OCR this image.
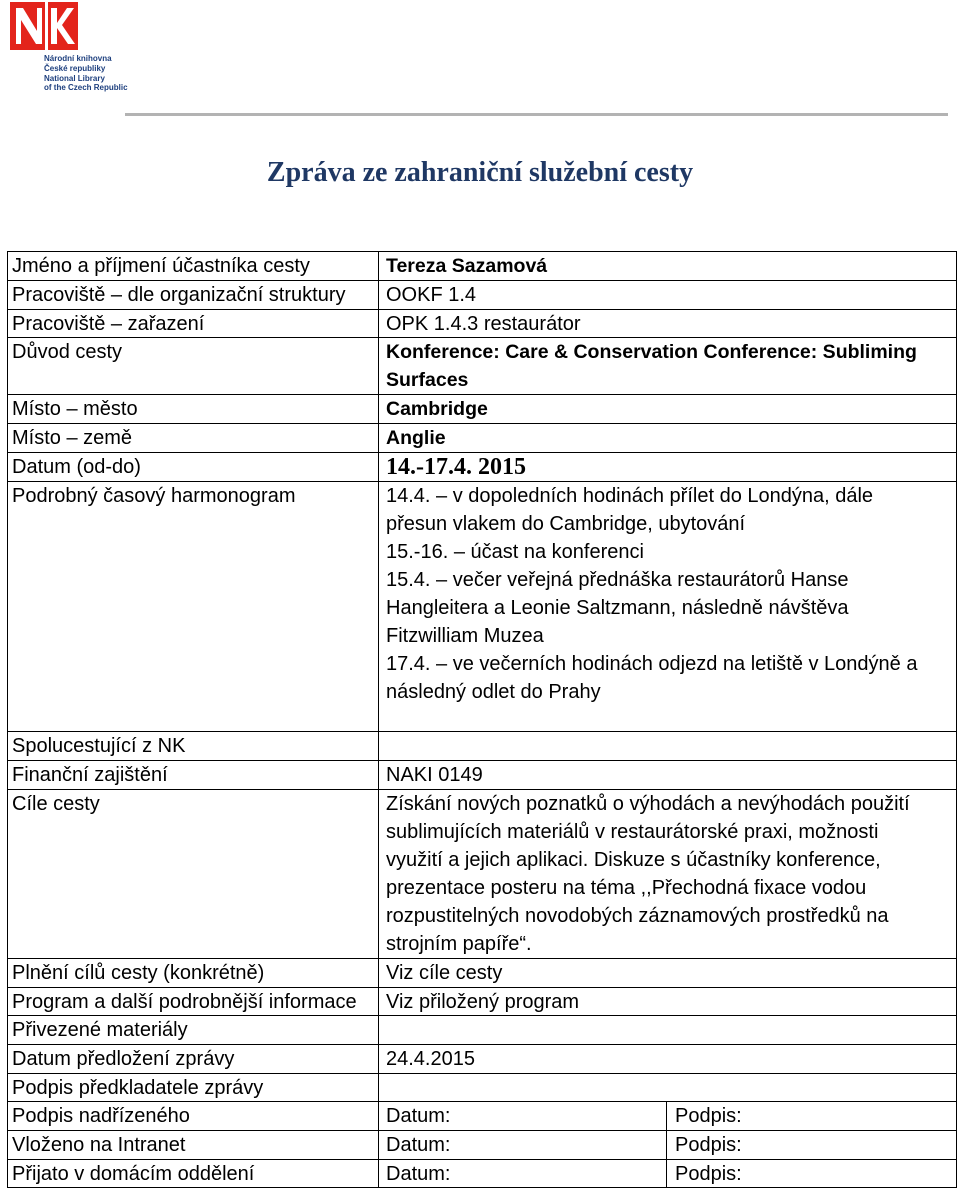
Národní knihovna
České republiky
National Library
of the Czech Republic
Zpráva ze zahraniční služební cesty
Jméno a příjmení účastníka cesty	Tereza Sazamová
Pracoviště – dle organizační struktury	OOKF 1.4
Pracoviště – zařazení	OPK 1.4.3 restaurátor
Důvod cesty	Konference: Care & Conservation Conference: Subliming
Surfaces
Místo – město	Cambridge
Místo – země	Anglie
Datum (od-do)	14.-17.4. 2015
Podrobný časový harmonogram	14.4. – v dopoledních hodinách přílet do Londýna, dále
přesun vlakem do Cambridge, ubytování
15.-16. – účast na konferenci
15.4. – večer veřejná přednáška restaurátorů Hanse
Hangleitera a Leonie Saltzmann, následně návštěva
Fitzwilliam Muzea
17.4. – ve večerních hodinách odjezd na letiště v Londýně a
následný odlet do Prahy
Spolucestující z NK
Finanční zajištění	NAKI 0149
Cíle cesty	Získání nových poznatků o výhodách a nevýhodách použití
sublimujících materiálů v restaurátorské praxi, možnosti
využití a jejich aplikaci. Diskuze s účastníky konference,
prezentace posteru na téma ,,Přechodná fixace vodou
rozpustitelných novodobých záznamových prostředků na
strojním papíře“.
Plnění cílů cesty (konkrétně)	Viz cíle cesty
Program a další podrobnější informace	Viz přiložený program
Přivezené materiály
Datum předložení zprávy	24.4.2015
Podpis předkladatele zprávy
Podpis nadřízeného	Datum:	Podpis:
Vloženo na Intranet	Datum:	Podpis:
Přijato v domácím oddělení	Datum:	Podpis:
